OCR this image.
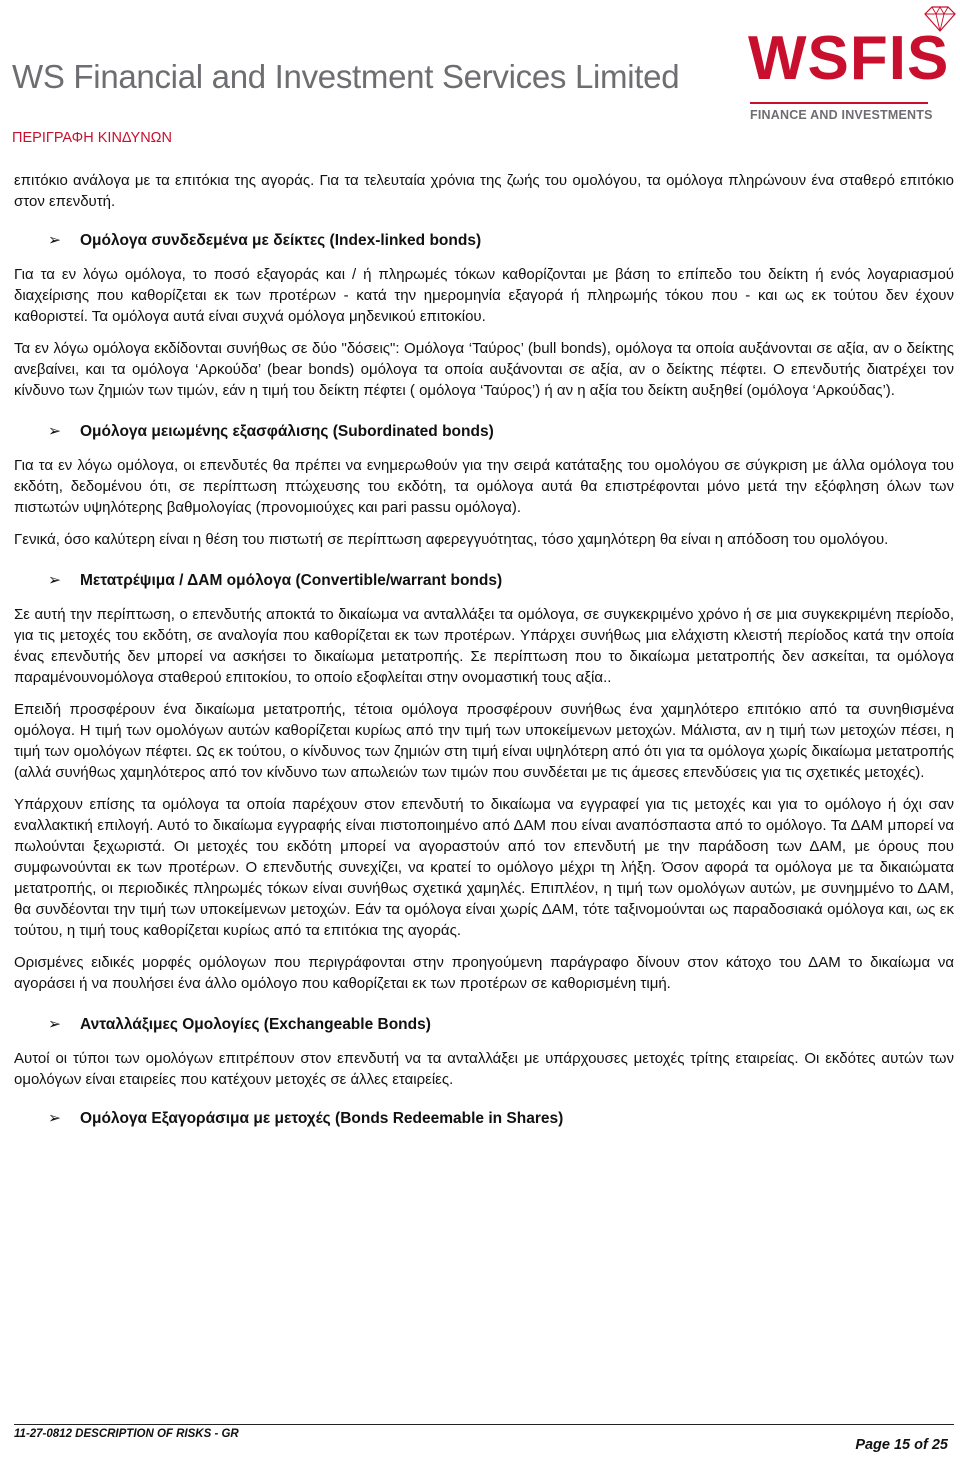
WS Financial and Investment Services Limited WSFIS
FINANCE AND INVESTMENTS
ΠΕΡΙΓΡΑΦΗ ΚΙΝΔΥΝΩΝ

επιτόκιο ανάλογα με τα επιτόκια της αγοράς. Για τα τελευταία χρόνια της ζωής του ομολόγου, τα ομόλογα πληρώνουν ένα σταθερό επιτόκιο στον επενδυτή.

➢ Ομόλογα συνδεδεμένα με δείκτες (Index-linked bonds)

Για τα εν λόγω ομόλογα, το ποσό εξαγοράς και / ή πληρωμές τόκων καθορίζονται με βάση το επίπεδο του δείκτη ή ενός λογαριασμού διαχείρισης που καθορίζεται εκ των προτέρων - κατά την ημερομηνία εξαγορά ή πληρωμής τόκου που - και ως εκ τούτου δεν έχουν καθοριστεί. Τα ομόλογα αυτά είναι συχνά ομόλογα μηδενικού επιτοκίου.

Τα εν λόγω ομόλογα εκδίδονται συνήθως σε δύο "δόσεις": Ομόλογα ‘Ταύρος’ (bull bonds), ομόλογα τα οποία αυξάνονται σε αξία, αν ο δείκτης ανεβαίνει, και τα ομόλογα ‘Αρκούδα’ (bear bonds) ομόλογα τα οποία αυξάνονται σε αξία, αν ο δείκτης πέφτει. Ο επενδυτής διατρέχει τον κίνδυνο των ζημιών των τιμών, εάν η τιμή του δείκτη πέφτει ( ομόλογα ‘Ταύρος’) ή αν η αξία του δείκτη αυξηθεί (ομόλογα ‘Αρκούδας’).

➢ Ομόλογα μειωμένης εξασφάλισης (Subordinated bonds)

Για τα εν λόγω ομόλογα, οι επενδυτές θα πρέπει να ενημερωθούν για την σειρά κατάταξης του ομολόγου σε σύγκριση με άλλα ομόλογα του εκδότη, δεδομένου ότι, σε περίπτωση πτώχευσης του εκδότη, τα ομόλογα αυτά θα επιστρέφονται μόνο μετά την εξόφληση όλων των πιστωτών υψηλότερης βαθμολογίας (προνομιούχες και pari passu ομόλογα).

Γενικά, όσο καλύτερη είναι η θέση του πιστωτή σε περίπτωση αφερεγγυότητας, τόσο χαμηλότερη θα είναι η απόδοση του ομολόγου.

➢ Μετατρέψιμα / ΔΑΜ ομόλογα (Convertible/warrant bonds)

Σε αυτή την περίπτωση, ο επενδυτής αποκτά το δικαίωμα να ανταλλάξει τα ομόλογα, σε συγκεκριμένο χρόνο ή σε μια συγκεκριμένη περίοδο, για τις μετοχές του εκδότη, σε αναλογία που καθορίζεται εκ των προτέρων. Υπάρχει συνήθως μια ελάχιστη κλειστή περίοδος κατά την οποία ένας επενδυτής δεν μπορεί να ασκήσει το δικαίωμα μετατροπής. Σε περίπτωση που το δικαίωμα μετατροπής δεν ασκείται, τα ομόλογα παραμένουνομόλογα σταθερού επιτοκίου, το οποίο εξοφλείται στην ονομαστική τους αξία..

Επειδή προσφέρουν ένα δικαίωμα μετατροπής, τέτοια ομόλογα προσφέρουν συνήθως ένα χαμηλότερο επιτόκιο από τα συνηθισμένα ομόλογα. Η τιμή των ομολόγων αυτών καθορίζεται κυρίως από την τιμή των υποκείμενων μετοχών. Μάλιστα, αν η τιμή των μετοχών πέσει, η τιμή των ομολόγων πέφτει. Ως εκ τούτου, ο κίνδυνος των ζημιών στη τιμή είναι υψηλότερη από ότι για τα ομόλογα χωρίς δικαίωμα μετατροπής (αλλά συνήθως χαμηλότερος από τον κίνδυνο των απωλειών των τιμών που συνδέεται με τις άμεσες επενδύσεις για τις σχετικές μετοχές).

Υπάρχουν επίσης τα ομόλογα τα οποία παρέχουν στον επενδυτή το δικαίωμα να εγγραφεί για τις μετοχές και για το ομόλογο ή όχι σαν εναλλακτική επιλογή. Αυτό το δικαίωμα εγγραφής είναι πιστοποιημένο από ΔΑΜ που είναι αναπόσπαστα από το ομόλογο. Τα ΔΑΜ μπορεί να πωλούνται ξεχωριστά. Οι μετοχές του εκδότη μπορεί να αγοραστούν από τον επενδυτή με την παράδοση των ΔΑΜ, με όρους που συμφωνούνται εκ των προτέρων. Ο επενδυτής συνεχίζει, να κρατεί το ομόλογο μέχρι τη λήξη. Όσον αφορά τα ομόλογα με τα δικαιώματα μετατροπής, οι περιοδικές πληρωμές τόκων είναι συνήθως σχετικά χαμηλές. Επιπλέον, η τιμή των ομολόγων αυτών, με συνημμένο το ΔΑΜ, θα συνδέονται την τιμή των υποκείμενων μετοχών. Εάν τα ομόλογα είναι χωρίς ΔΑΜ, τότε ταξινομούνται ως παραδοσιακά ομόλογα και, ως εκ τούτου, η τιμή τους καθορίζεται κυρίως από τα επιτόκια της αγοράς.

Ορισμένες ειδικές μορφές ομόλογων που περιγράφονται στην προηγούμενη παράγραφο δίνουν στον κάτοχο του ΔΑΜ το δικαίωμα να αγοράσει ή να πουλήσει ένα άλλο ομόλογο που καθορίζεται εκ των προτέρων σε καθορισμένη τιμή.

➢ Ανταλλάξιμες Ομολογίες (Exchangeable Bonds)

Αυτοί οι τύποι των ομολόγων επιτρέπουν στον επενδυτή να τα ανταλλάξει με υπάρχουσες μετοχές τρίτης εταιρείας. Οι εκδότες αυτών των ομολόγων είναι εταιρείες που κατέχουν μετοχές σε άλλες εταιρείες.

➢ Ομόλογα Εξαγοράσιμα με μετοχές (Bonds Redeemable in Shares)
11-27-0812 DESCRIPTION OF RISKS - GR
Page 15 of 25
